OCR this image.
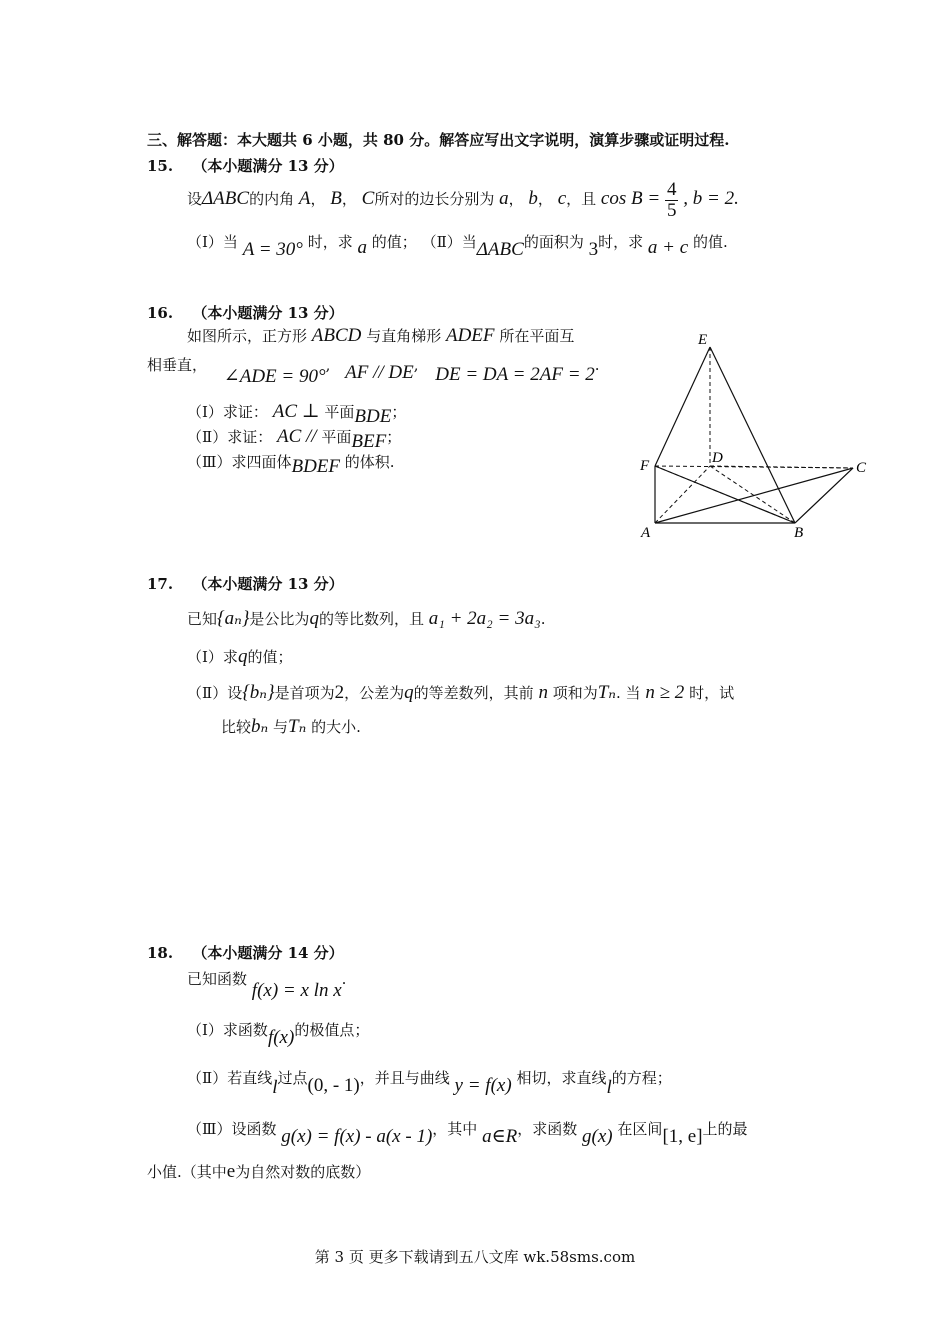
三、解答题：本大题共 6 小题，共 80 分。解答应写出文字说明，演算步骤或证明过程.
15. （本小题满分 13 分）
设ΔABC的内角 A， B， C所对的边长分别为 a， b， c，且 $\cos B = \frac{4}{5}$ , b = 2.
（Ⅰ）当 A = 30° 时，求 a 的值； （Ⅱ）当ΔABC的面积为 3时，求 a + c 的值.
16. （本小题满分 13 分）
如图所示，正方形 ABCD 与直角梯形 ADEF 所在平面互
相垂直， ∠ADE = 90°, AF // DE, DE = DA = 2AF = 2.
（Ⅰ）求证： AC ⊥ 平面BDE；
（Ⅱ）求证： AC // 平面BEF；
（Ⅲ）求四面体BDEF 的体积.
E
F	D
C
A	B
17. （本小题满分 13 分）
已知{aₙ}是公比为q的等比数列，且 a₁ + 2a₂ = 3a₃.
（Ⅰ）求q的值；
（Ⅱ）设{bₙ}是首项为2，公差为q的等差数列，其前 n 项和为Tₙ. 当 n ≥ 2 时，试
比较bₙ 与Tₙ 的大小.
18. （本小题满分 14 分）
已知函数 f(x) = x ln x.
（Ⅰ）求函数f(x)的极值点；
（Ⅱ）若直线l过点(0, - 1)，并且与曲线 y = f(x) 相切，求直线l的方程；
（Ⅲ）设函数 g(x) = f(x) - a(x - 1)，其中 a∈R，求函数 g(x) 在区间[1, e]上的最
小值.（其中e为自然对数的底数）
第 3 页 更多下载请到五八文库 wk.58sms.com
